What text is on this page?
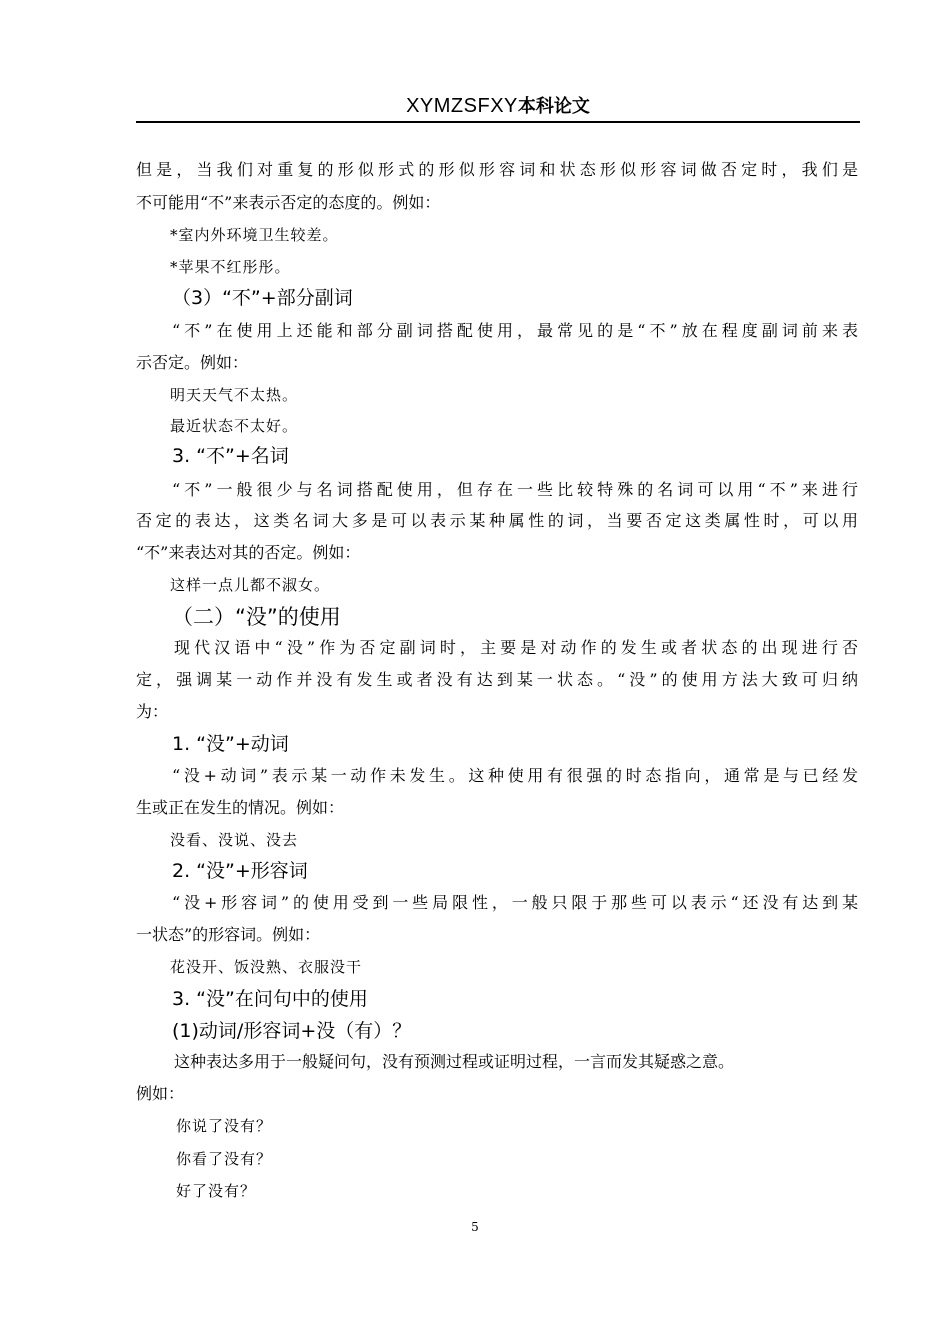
XYMZSFXY本科论文
但是，当我们对重复的形似形式的形似形容词和状态形似形容词做否定时，我们是
不可能用“不”来表示否定的态度的。例如：
*室内外环境卫生较差。
*苹果不红彤彤。
（3）“不”+部分副词
“不”在使用上还能和部分副词搭配使用，最常见的是“不”放在程度副词前来表
示否定。例如：
明天天气不太热。
最近状态不太好。
3. “不”+名词
“不”一般很少与名词搭配使用，但存在一些比较特殊的名词可以用“不”来进行
否定的表达，这类名词大多是可以表示某种属性的词，当要否定这类属性时，可以用
“不”来表达对其的否定。例如：
这样一点儿都不淑女。
（二）“没”的使用
现代汉语中“没”作为否定副词时，主要是对动作的发生或者状态的出现进行否
定，强调某一动作并没有发生或者没有达到某一状态。“没”的使用方法大致可归纳
为：
1. “没”+动词
“没+动词”表示某一动作未发生。这种使用有很强的时态指向，通常是与已经发
生或正在发生的情况。例如：
没看、没说、没去
2. “没”+形容词
“没+形容词”的使用受到一些局限性，一般只限于那些可以表示“还没有达到某
一状态”的形容词。例如：
花没开、饭没熟、衣服没干
3. “没”在问句中的使用
(1)动词/形容词+没（有）？
这种表达多用于一般疑问句，没有预测过程或证明过程，一言而发其疑惑之意。
例如：
你说了没有？
你看了没有？
好了没有？
5
